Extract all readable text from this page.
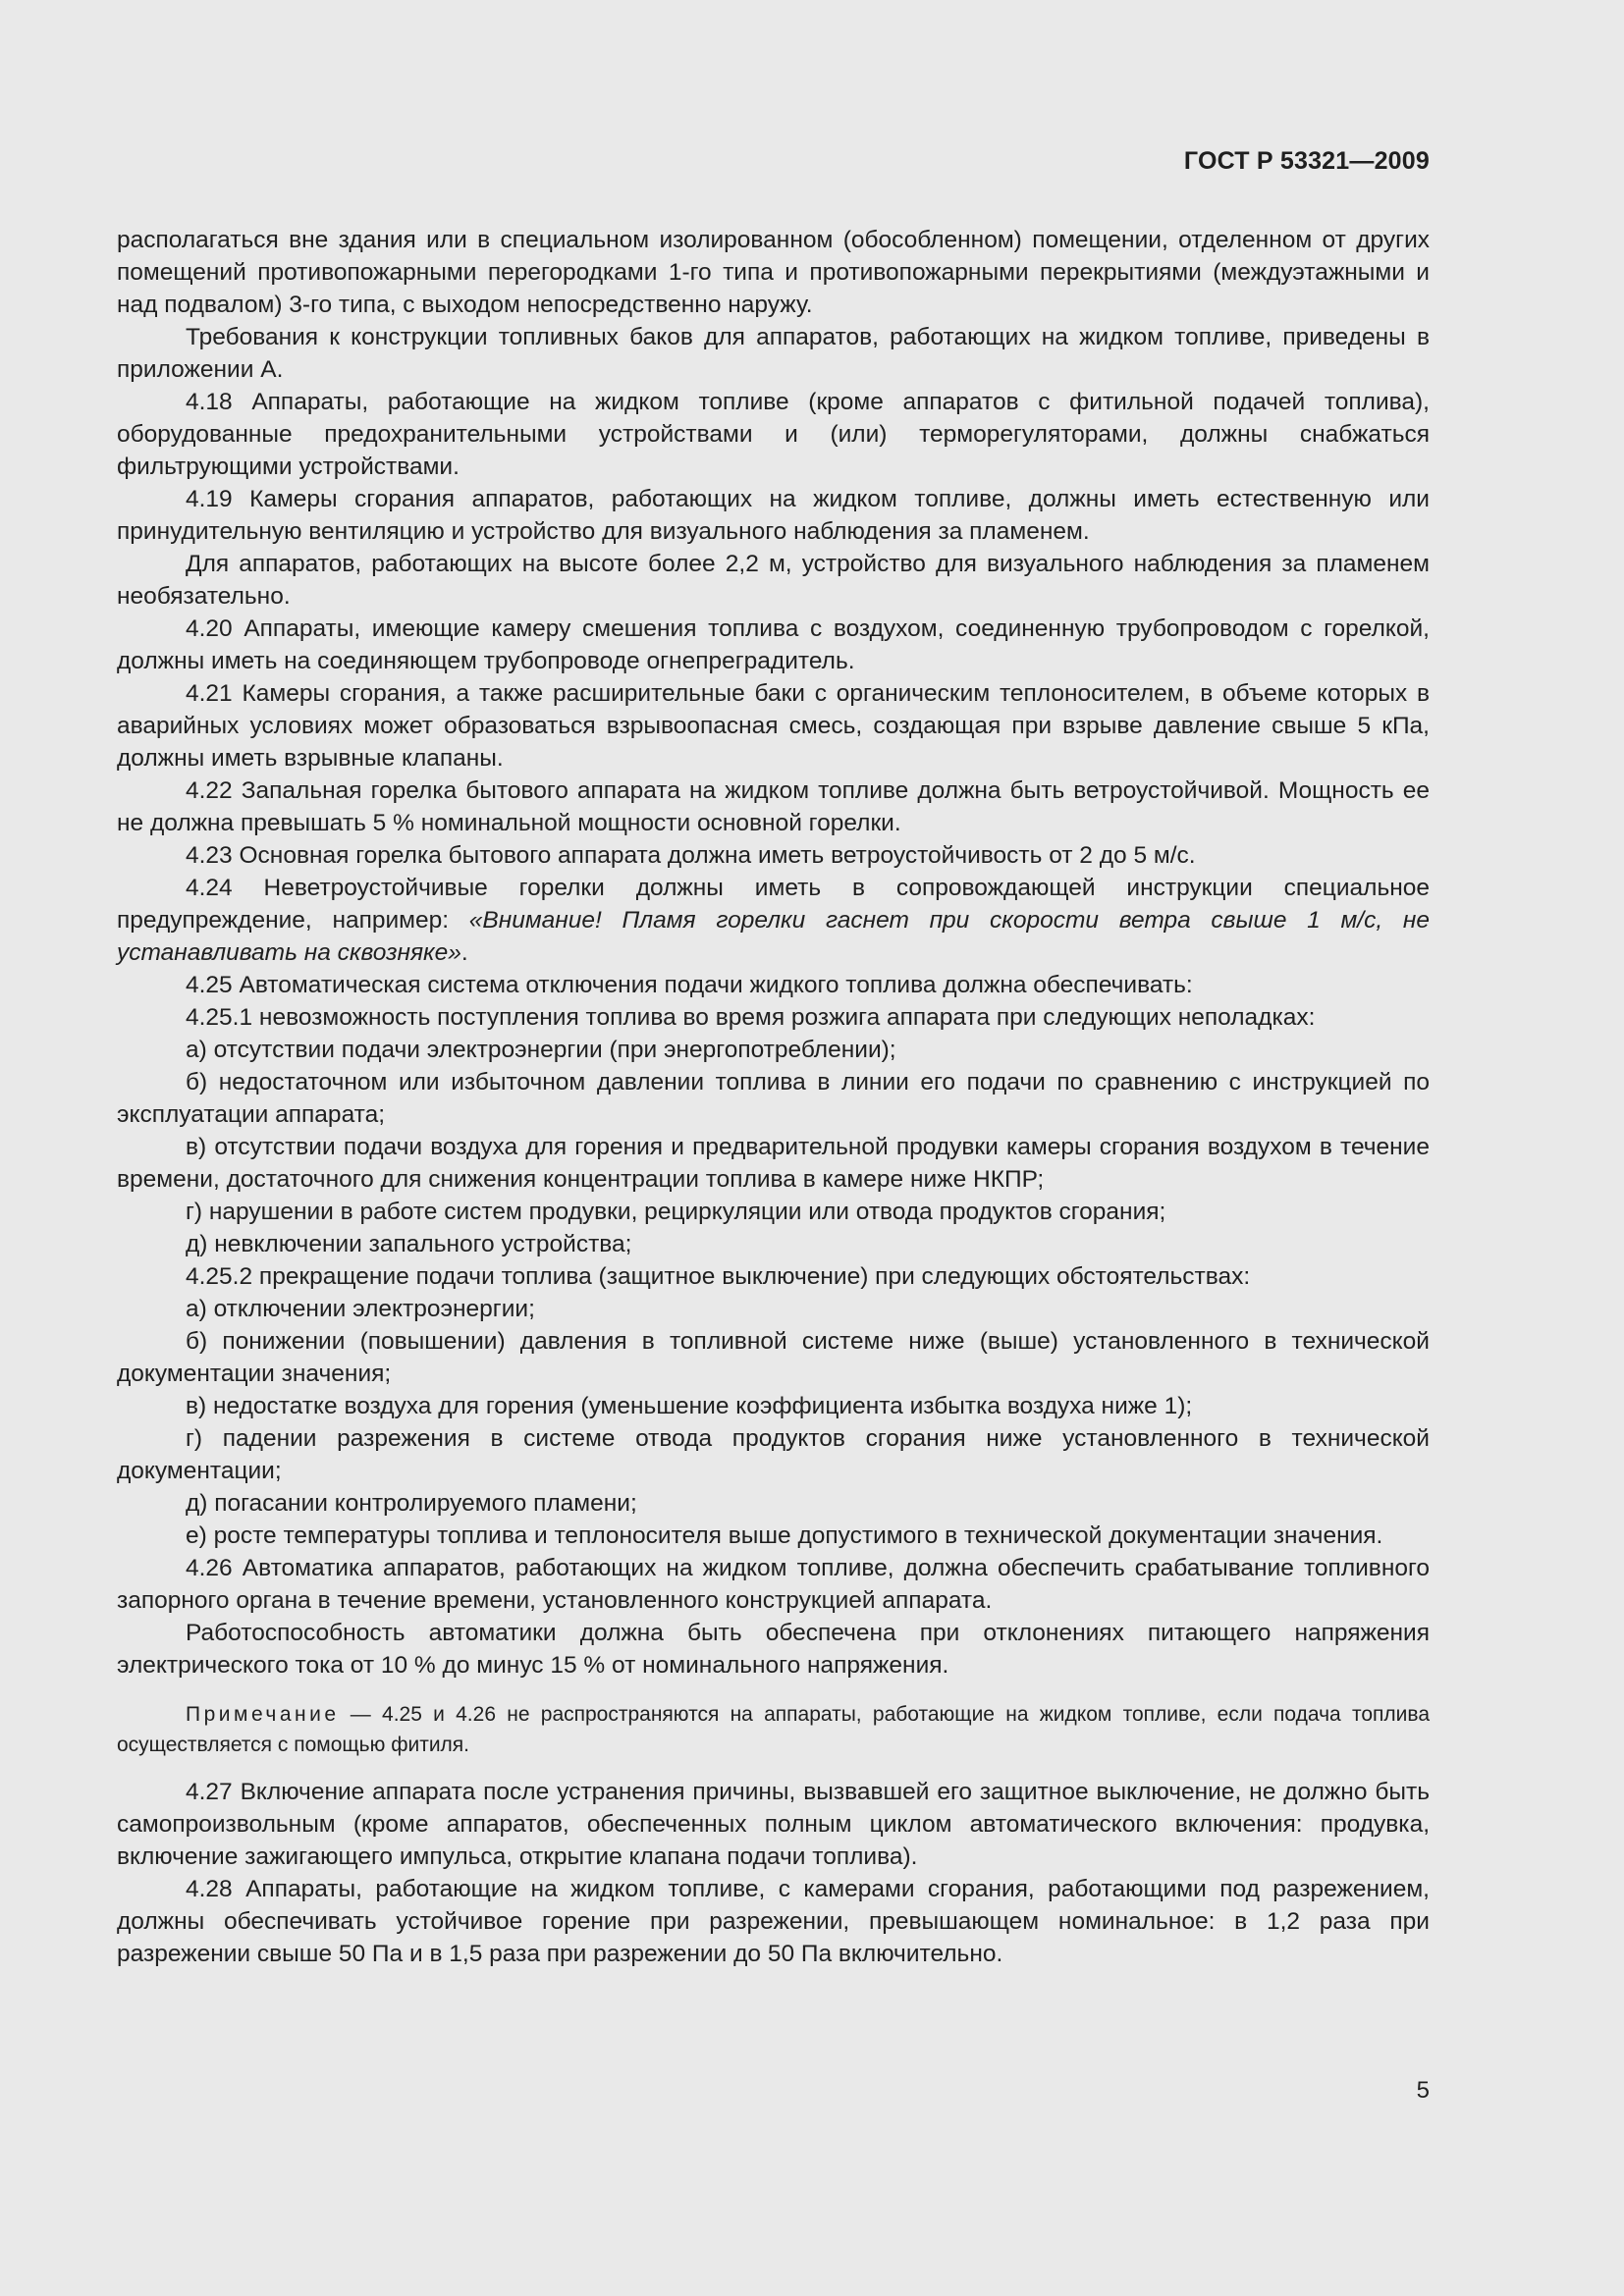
ГОСТ Р 53321—2009

располагаться вне здания или в специальном изолированном (обособленном) помещении, отделенном от других помещений противопожарными перегородками 1-го типа и противопожарными перекрытиями (междуэтажными и над подвалом) 3-го типа, с выходом непосредственно наружу.

Требования к конструкции топливных баков для аппаратов, работающих на жидком топливе, приведены в приложении А.

4.18 Аппараты, работающие на жидком топливе (кроме аппаратов с фитильной подачей топлива), оборудованные предохранительными устройствами и (или) терморегуляторами, должны снабжаться фильтрующими устройствами.

4.19 Камеры сгорания аппаратов, работающих на жидком топливе, должны иметь естественную или принудительную вентиляцию и устройство для визуального наблюдения за пламенем.

Для аппаратов, работающих на высоте более 2,2 м, устройство для визуального наблюдения за пламенем необязательно.

4.20 Аппараты, имеющие камеру смешения топлива с воздухом, соединенную трубопроводом с горелкой, должны иметь на соединяющем трубопроводе огнепреградитель.

4.21 Камеры сгорания, а также расширительные баки с органическим теплоносителем, в объеме которых в аварийных условиях может образоваться взрывоопасная смесь, создающая при взрыве давление свыше 5 кПа, должны иметь взрывные клапаны.

4.22 Запальная горелка бытового аппарата на жидком топливе должна быть ветроустойчивой. Мощность ее не должна превышать 5 % номинальной мощности основной горелки.

4.23 Основная горелка бытового аппарата должна иметь ветроустойчивость от 2 до 5 м/с.

4.24 Неветроустойчивые горелки должны иметь в сопровождающей инструкции специальное предупреждение, например: «Внимание! Пламя горелки гаснет при скорости ветра свыше 1 м/с, не устанавливать на сквозняке».

4.25 Автоматическая система отключения подачи жидкого топлива должна обеспечивать:

4.25.1 невозможность поступления топлива во время розжига аппарата при следующих неполадках:

а) отсутствии подачи электроэнергии (при энергопотреблении);

б) недостаточном или избыточном давлении топлива в линии его подачи по сравнению с инструкцией по эксплуатации аппарата;

в) отсутствии подачи воздуха для горения и предварительной продувки камеры сгорания воздухом в течение времени, достаточного для снижения концентрации топлива в камере ниже НКПР;

г) нарушении в работе систем продувки, рециркуляции или отвода продуктов сгорания;

д) невключении запального устройства;

4.25.2 прекращение подачи топлива (защитное выключение) при следующих обстоятельствах:

а) отключении электроэнергии;

б) понижении (повышении) давления в топливной системе ниже (выше) установленного в технической документации значения;

в) недостатке воздуха для горения (уменьшение коэффициента избытка воздуха ниже 1);

г) падении разрежения в системе отвода продуктов сгорания ниже установленного в технической документации;

д) погасании контролируемого пламени;

е) росте температуры топлива и теплоносителя выше допустимого в технической документации значения.

4.26 Автоматика аппаратов, работающих на жидком топливе, должна обеспечить срабатывание топливного запорного органа в течение времени, установленного конструкцией аппарата.

Работоспособность автоматики должна быть обеспечена при отклонениях питающего напряжения электрического тока от 10 % до минус 15 % от номинального напряжения.

Примечание — 4.25 и 4.26 не распространяются на аппараты, работающие на жидком топливе, если подача топлива осуществляется с помощью фитиля.

4.27 Включение аппарата после устранения причины, вызвавшей его защитное выключение, не должно быть самопроизвольным (кроме аппаратов, обеспеченных полным циклом автоматического включения: продувка, включение зажигающего импульса, открытие клапана подачи топлива).

4.28 Аппараты, работающие на жидком топливе, с камерами сгорания, работающими под разрежением, должны обеспечивать устойчивое горение при разрежении, превышающем номинальное: в 1,2 раза при разрежении свыше 50 Па и в 1,5 раза при разрежении до 50 Па включительно.

5
